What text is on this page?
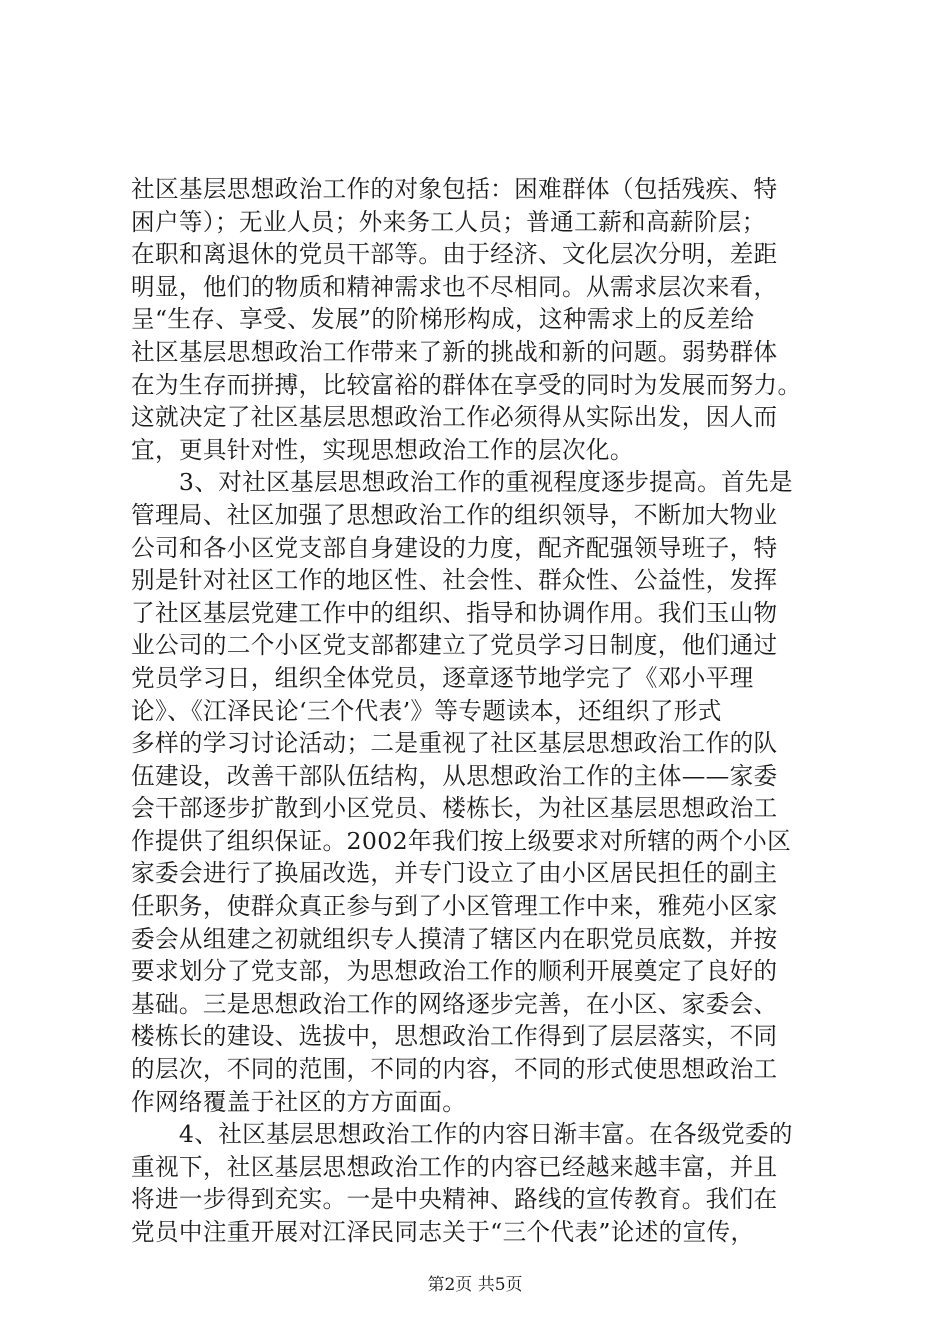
社区基层思想政治工作的对象包括：困难群体（包括残疾、特
困户等）；无业人员；外来务工人员；普通工薪和高薪阶层；
在职和离退休的党员干部等。由于经济、文化层次分明，差距
明显，他们的物质和精神需求也不尽相同。从需求层次来看，
呈“生存、享受、发展”的阶梯形构成，这种需求上的反差给
社区基层思想政治工作带来了新的挑战和新的问题。弱势群体
在为生存而拼搏，比较富裕的群体在享受的同时为发展而努力。
这就决定了社区基层思想政治工作必须得从实际出发，因人而
宜，更具针对性，实现思想政治工作的层次化。
　　3、对社区基层思想政治工作的重视程度逐步提高。首先是
管理局、社区加强了思想政治工作的组织领导，不断加大物业
公司和各小区党支部自身建设的力度，配齐配强领导班子，特
别是针对社区工作的地区性、社会性、群众性、公益性，发挥
了社区基层党建工作中的组织、指导和协调作用。我们玉山物
业公司的二个小区党支部都建立了党员学习日制度，他们通过
党员学习日，组织全体党员，逐章逐节地学完了《邓小平理
论》、《江泽民论‘三个代表’》等专题读本，还组织了形式
多样的学习讨论活动；二是重视了社区基层思想政治工作的队
伍建设，改善干部队伍结构，从思想政治工作的主体——家委
会干部逐步扩散到小区党员、楼栋长，为社区基层思想政治工
作提供了组织保证。2002年我们按上级要求对所辖的两个小区
家委会进行了换届改选，并专门设立了由小区居民担任的副主
任职务，使群众真正参与到了小区管理工作中来，雅苑小区家
委会从组建之初就组织专人摸清了辖区内在职党员底数，并按
要求划分了党支部，为思想政治工作的顺利开展奠定了良好的
基础。三是思想政治工作的网络逐步完善，在小区、家委会、
楼栋长的建设、选拔中，思想政治工作得到了层层落实，不同
的层次，不同的范围，不同的内容，不同的形式使思想政治工
作网络覆盖于社区的方方面面。
　　4、社区基层思想政治工作的内容日渐丰富。在各级党委的
重视下，社区基层思想政治工作的内容已经越来越丰富，并且
将进一步得到充实。一是中央精神、路线的宣传教育。我们在
党员中注重开展对江泽民同志关于“三个代表”论述的宣传，
第2页 共5页
